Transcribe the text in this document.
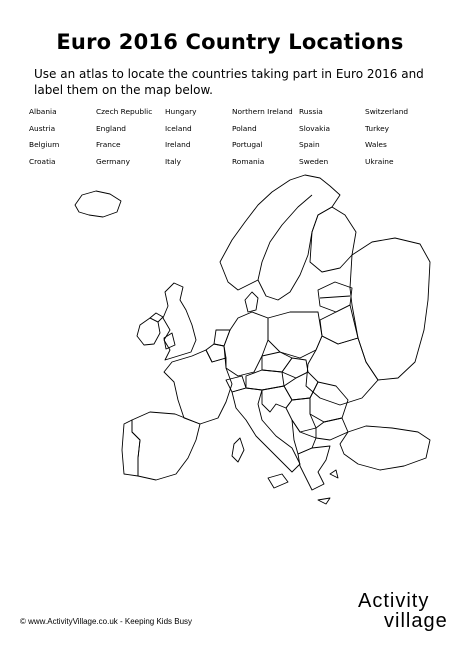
Euro 2016 Country Locations
Use an atlas to locate the countries taking part in Euro 2016 and label them on the map below.
Albania
Austria
Belgium
Croatia
Czech Republic
England
France
Germany
Hungary
Iceland
Ireland
Italy
Northern Ireland
Poland
Portugal
Romania
Russia
Slovakia
Spain
Sweden
Switzerland
Turkey
Wales
Ukraine
© www.ActivityVillage.co.uk - Keeping Kids Busy
Activity
village
